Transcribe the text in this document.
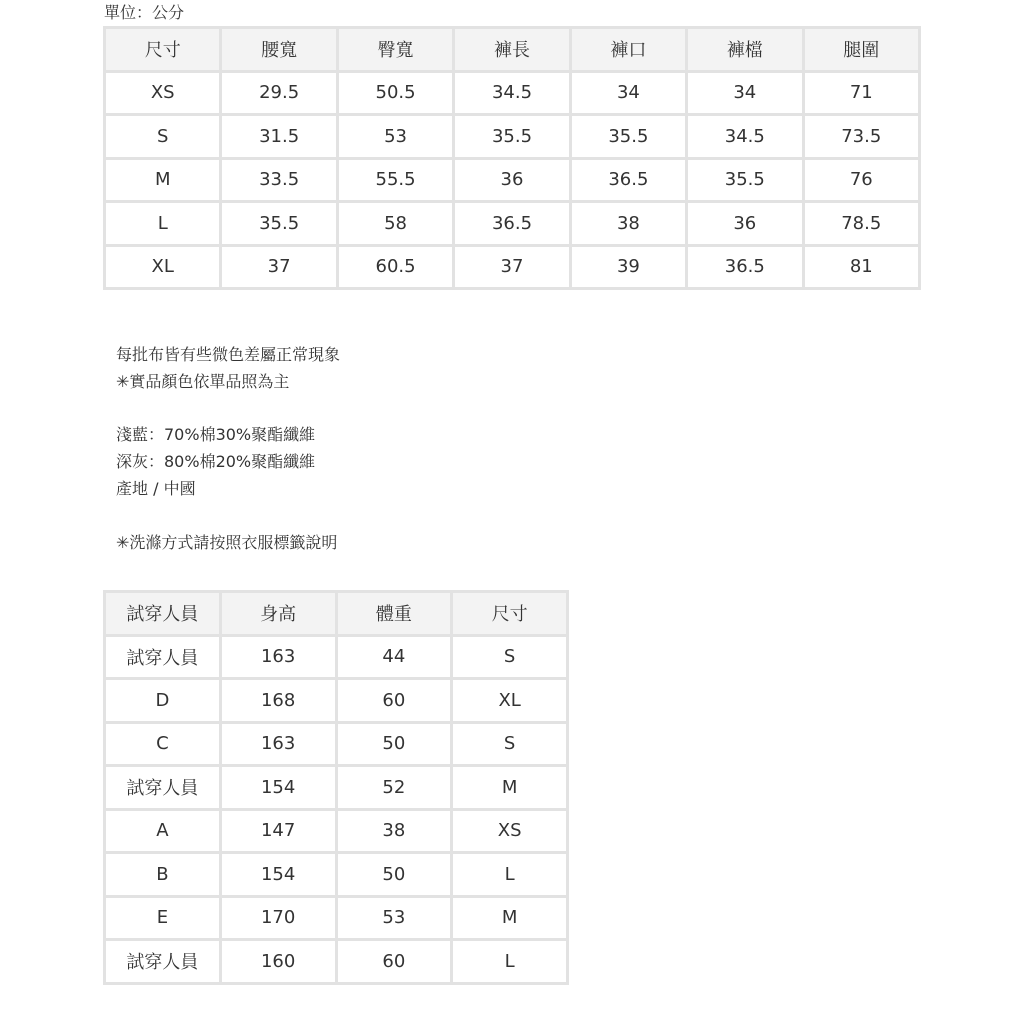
單位：公分
尺寸	腰寬	臀寬	褲長	褲口	褲檔	腿圍
XS	29.5	50.5	34.5	34	34	71
S	31.5	53	35.5	35.5	34.5	73.5
M	33.5	55.5	36	36.5	35.5	76
L	35.5	58	36.5	38	36	78.5
XL	37	60.5	37	39	36.5	81
每批布皆有些微色差屬正常現象
✳實品顏色依單品照為主
淺藍：70%棉30%聚酯纖維
深灰：80%棉20%聚酯纖維
產地 / 中國
✳洗滌方式請按照衣服標籤說明
試穿人員	身高	體重	尺寸
試穿人員	163	44	S
D	168	60	XL
C	163	50	S
試穿人員	154	52	M
A	147	38	XS
B	154	50	L
E	170	53	M
試穿人員	160	60	L
